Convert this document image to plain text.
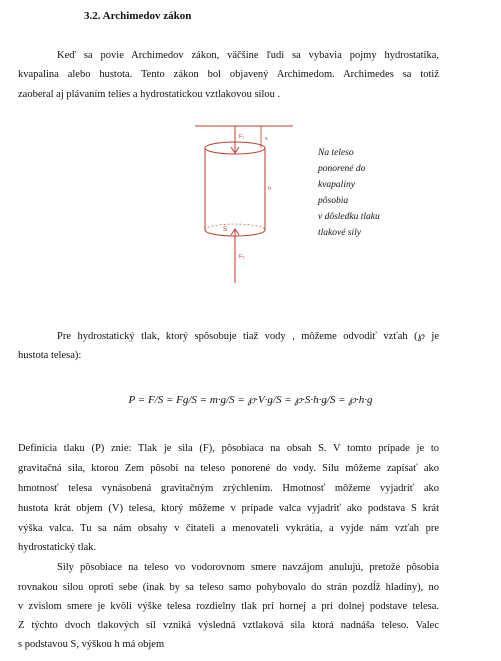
3.2. Archimedov zákon
Keď sa povie Archimedov zákon, väčšine ľudí sa vybavia pojmy hydrostatika,
kvapalina alebo hustota. Tento zákon bol objavený Archimedom. Archimedes sa totiž
zaoberal aj plávaním telies a hydrostatickou vztlakovou silou .
x
h
F₁
S
F₂
Na teleso
ponorené do
kvapaliny
pôsobia
v dôsledku tlaku
tlakové sily
Pre hydrostatický tlak, ktorý spôsobuje tiaž vody , môžeme odvodiť vzťah (℘ je
hustota telesa):
P = F/S = Fg/S = m·g/S = ℘·V·g/S = ℘·S·h·g/S = ℘·h·g
Definícia tlaku (P) znie: Tlak je sila (F), pôsobiaca na obsah S. V tomto prípade je to
gravitačná sila, ktorou Zem pôsobí na teleso ponorené do vody. Silu môžeme zapísať ako
hmotnosť telesa vynásobená gravitačným zrýchlením. Hmotnosť môžeme vyjadriť ako
hustota krát objem (V) telesa, ktorý môžeme v prípade valca vyjadriť ako podstava S krát
výška valca. Tu sa nám obsahy v čitateli a menovateli vykrátia, a vyjde nám vzťah pre
hydrostatický tlak.
Sily pôsobiace na teleso vo vodorovnom smere navzájom anulujú, pretože pôsobia
rovnakou silou oproti sebe (inak by sa teleso samo pohybovalo do strán pozdĺž hladiny), no
v zvislom smere je kvôli výške telesa rozdielny tlak pri hornej a pri dolnej podstave telesa.
Z týchto dvoch tlakových síl vzniká výsledná vztlaková sila ktorá nadnáša teleso. Valec
s podstavou S, výškou h má objem
